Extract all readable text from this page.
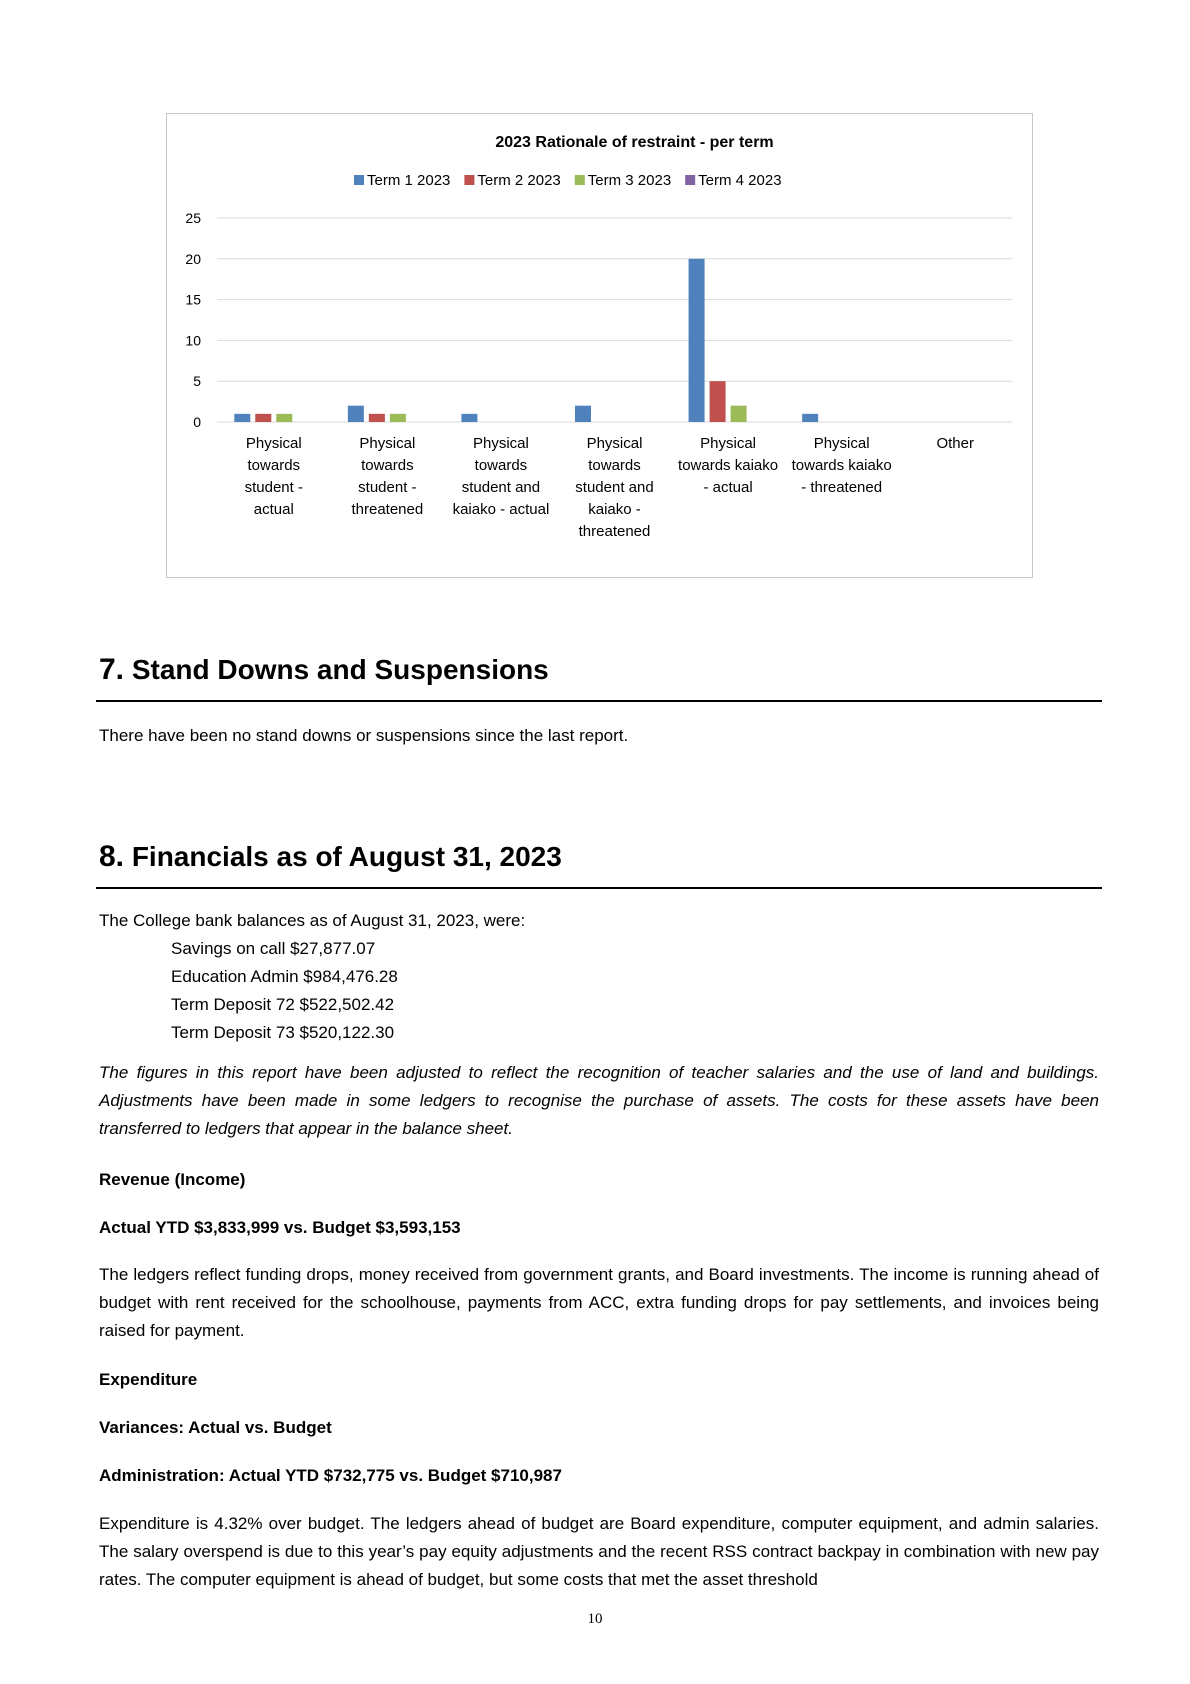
2023 Rationale of restraint - per term
Term 1 2023 Term 2 2023 Term 3 2023 Term 4 2023
0
5
10
15
20
25
Physical towards student -actual
Physical towards student -threatened
Physical towards student and kaiako - actual
Physical towards student and kaiako -threatened
Physical towards kaiako - actual
Physical towards kaiako - threatened
Other
7. Stand Downs and Suspensions

There have been no stand downs or suspensions since the last report.

8. Financials as of August 31, 2023

The College bank balances as of August 31, 2023, were:

Savings on call $27,877.07

Education Admin $984,476.28

Term Deposit 72 $522,502.42

Term Deposit 73 $520,122.30

The figures in this report have been adjusted to reflect the recognition of teacher salaries and the use of land and buildings. Adjustments have been made in some ledgers to recognise the purchase of assets. The costs for these assets have been transferred to ledgers that appear in the balance sheet.

Revenue (Income)

Actual YTD $3,833,999 vs. Budget $3,593,153

The ledgers reflect funding drops, money received from government grants, and Board investments. The income is running ahead of budget with rent received for the schoolhouse, payments from ACC, extra funding drops for pay settlements, and invoices being raised for payment.

Expenditure

Variances: Actual vs. Budget

Administration: Actual YTD $732,775 vs. Budget $710,987

Expenditure is 4.32% over budget. The ledgers ahead of budget are Board expenditure, computer equipment, and admin salaries. The salary overspend is due to this year’s pay equity adjustments and the recent RSS contract backpay in combination with new pay rates. The computer equipment is ahead of budget, but some costs that met the asset threshold

10
